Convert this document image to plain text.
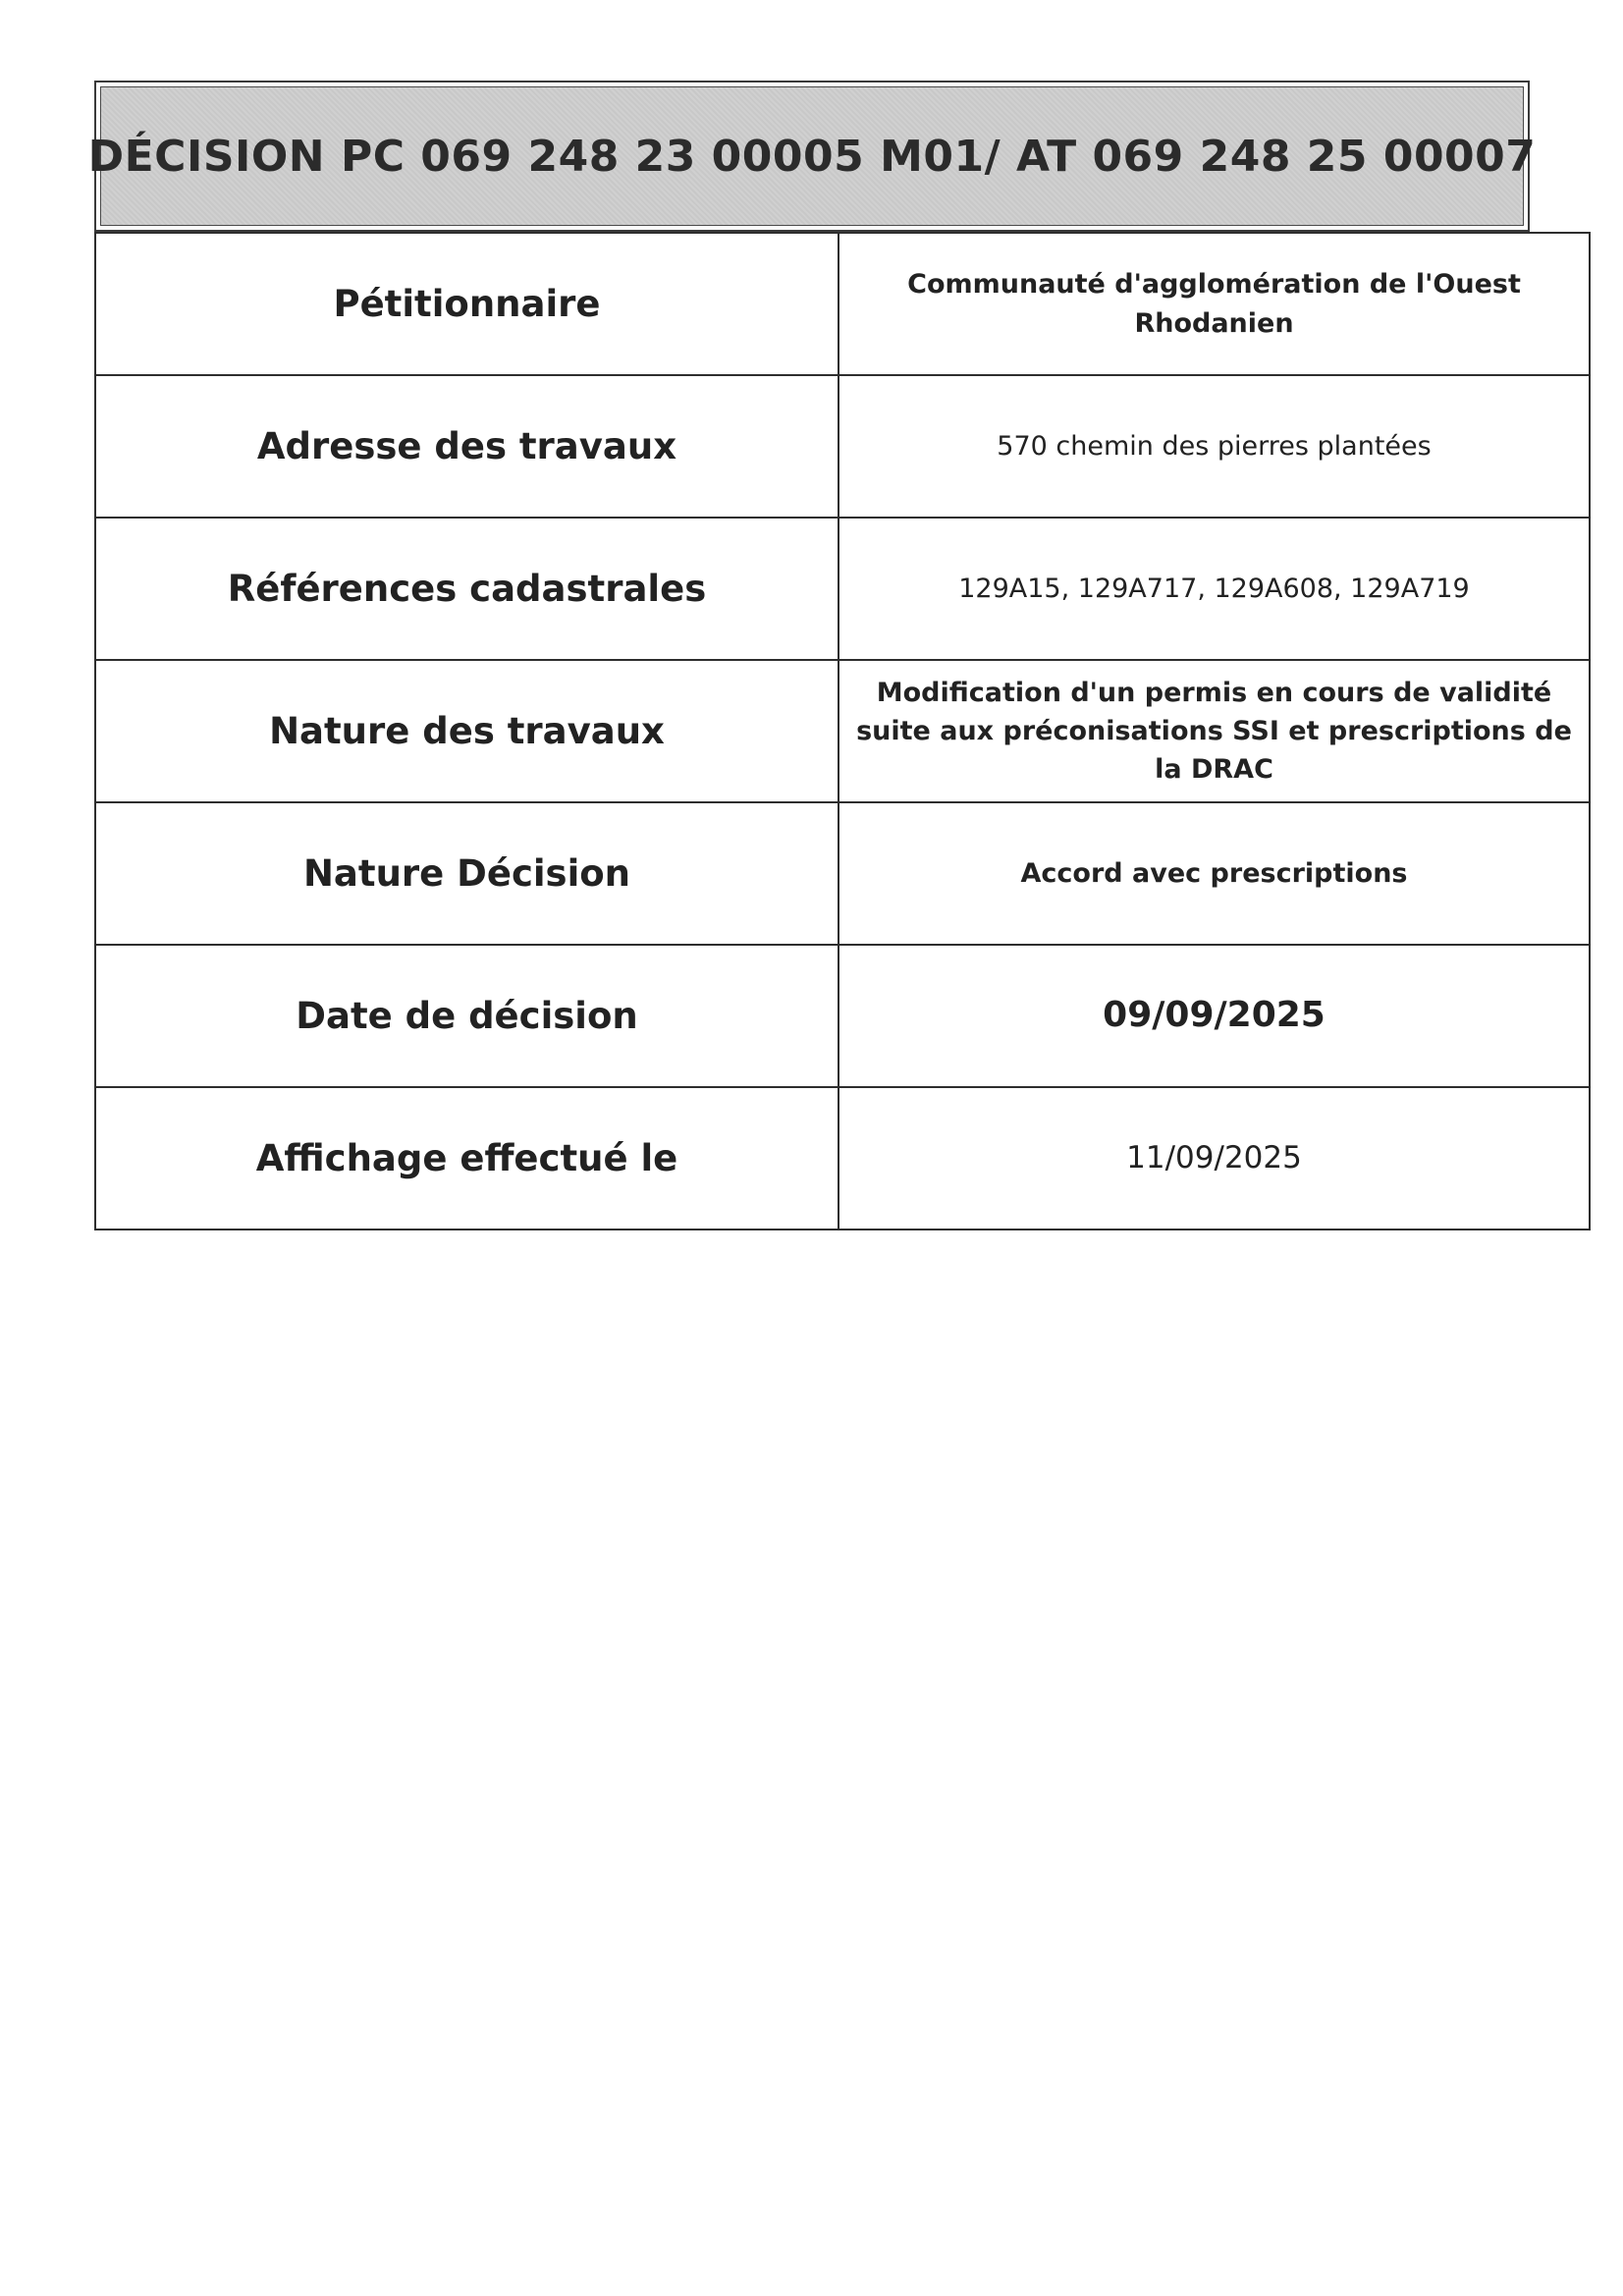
DÉCISION PC 069 248 23 00005 M01/ AT 069 248 25 00007
Pétitionnaire	Communauté d'agglomération de l'Ouest Rhodanien
Adresse des travaux	570 chemin des pierres plantées
Références cadastrales	129A15, 129A717, 129A608, 129A719
Nature des travaux	Modification d'un permis en cours de validité suite aux préconisations SSI et prescriptions de la DRAC
Nature Décision	Accord avec prescriptions
Date de décision	09/09/2025
Affichage effectué le	11/09/2025
